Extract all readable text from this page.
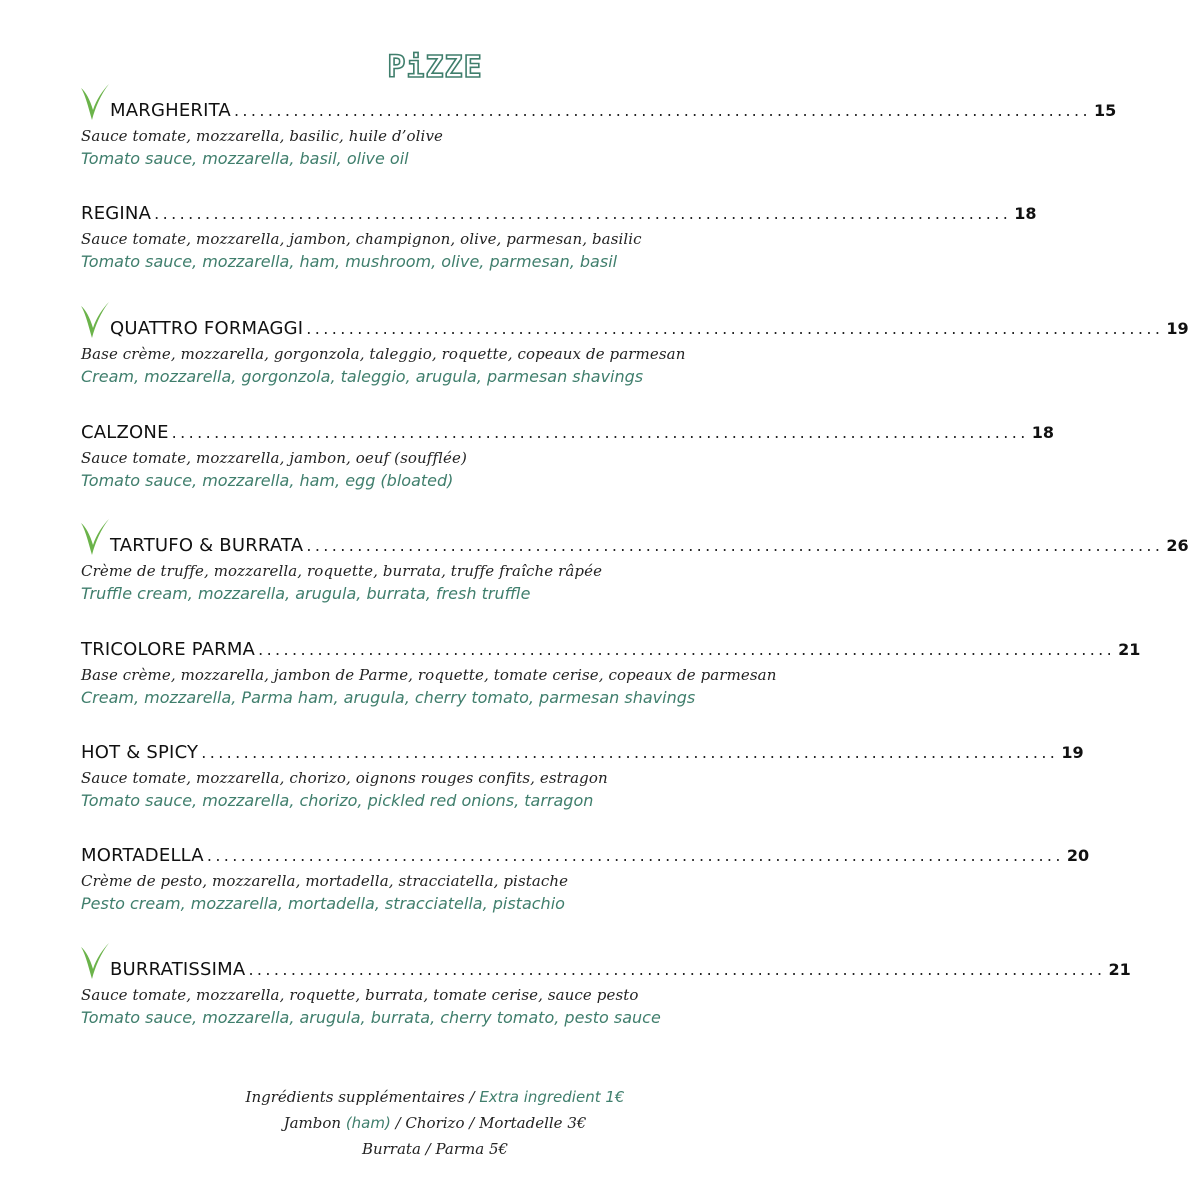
PiZZE
MARGHERITA ..................................................................................................... 15
Sauce tomate, mozzarella, basilic, huile d’olive
Tomato sauce, mozzarella, basil, olive oil
REGINA ..................................................................................................... 18
Sauce tomate, mozzarella, jambon, champignon, olive, parmesan, basilic
Tomato sauce, mozzarella, ham, mushroom, olive, parmesan, basil
QUATTRO FORMAGGI ..................................................................................................... 19
Base crème, mozzarella, gorgonzola, taleggio, roquette, copeaux de parmesan
Cream, mozzarella, gorgonzola, taleggio, arugula, parmesan shavings
CALZONE ..................................................................................................... 18
Sauce tomate, mozzarella, jambon, oeuf (soufflée)
Tomato sauce, mozzarella, ham, egg (bloated)
TARTUFO & BURRATA ..................................................................................................... 26
Crème de truffe, mozzarella, roquette, burrata, truffe fraîche râpée
Truffle cream, mozzarella, arugula, burrata, fresh truffle
TRICOLORE PARMA ..................................................................................................... 21
Base crème, mozzarella, jambon de Parme, roquette, tomate cerise, copeaux de parmesan
Cream, mozzarella, Parma ham, arugula, cherry tomato, parmesan shavings
HOT & SPICY ..................................................................................................... 19
Sauce tomate, mozzarella, chorizo, oignons rouges confits, estragon
Tomato sauce, mozzarella, chorizo, pickled red onions, tarragon
MORTADELLA ..................................................................................................... 20
Crème de pesto, mozzarella, mortadella, stracciatella, pistache
Pesto cream, mozzarella, mortadella, stracciatella, pistachio
BURRATISSIMA ..................................................................................................... 21
Sauce tomate, mozzarella, roquette, burrata, tomate cerise, sauce pesto
Tomato sauce, mozzarella, arugula, burrata, cherry tomato, pesto sauce
Ingrédients supplémentaires / Extra ingredient 1€
Jambon (ham) / Chorizo / Mortadelle 3€
Burrata / Parma 5€
